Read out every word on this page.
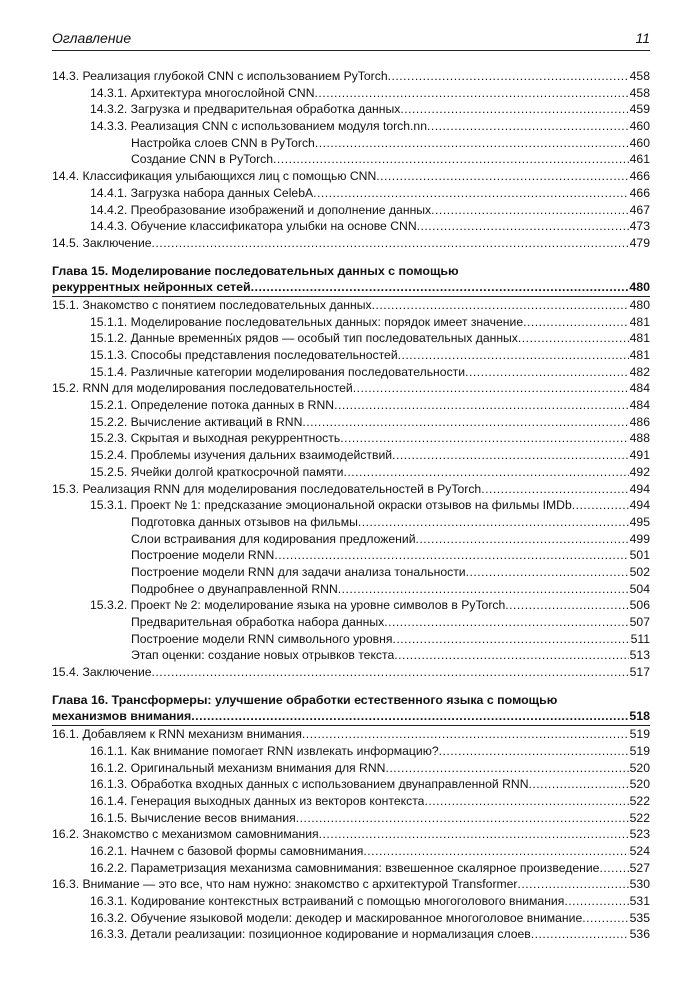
Оглавление	11
14.3. Реализация глубокой CNN с использованием PyTorch .....	458
14.3.1. Архитектура многослойной CNN .....	458
14.3.2. Загрузка и предварительная обработка данных .....	459
14.3.3. Реализация CNN с использованием модуля torch.nn .....	460
Настройка слоев CNN в PyTorch .....	460
Создание CNN в PyTorch .....	461
14.4. Классификация улыбающихся лиц с помощью CNN .....	466
14.4.1. Загрузка набора данных CelebA .....	466
14.4.2. Преобразование изображений и дополнение данных .....	467
14.4.3. Обучение классификатора улыбки на основе CNN .....	473
14.5. Заключение .....	479
Глава 15. Моделирование последовательных данных с помощью
рекуррентных нейронных сетей .....	480
15.1. Знакомство с понятием последовательных данных .....	480
15.1.1. Моделирование последовательных данных: порядок имеет значение .....	481
15.1.2. Данные временны́х рядов — особый тип последовательных данных .....	481
15.1.3. Способы представления последовательностей .....	481
15.1.4. Различные категории моделирования последовательности .....	482
15.2. RNN для моделирования последовательностей .....	484
15.2.1. Определение потока данных в RNN .....	484
15.2.2. Вычисление активаций в RNN .....	486
15.2.3. Скрытая и выходная рекуррентность .....	488
15.2.4. Проблемы изучения дальних взаимодействий .....	491
15.2.5. Ячейки долгой краткосрочной памяти .....	492
15.3. Реализация RNN для моделирования последовательностей в PyTorch .....	494
15.3.1. Проект № 1: предсказание эмоциональной окраски отзывов на фильмы IMDb .....	494
Подготовка данных отзывов на фильмы .....	495
Слои встраивания для кодирования предложений .....	499
Построение модели RNN .....	501
Построение модели RNN для задачи анализа тональности .....	502
Подробнее о двунаправленной RNN .....	504
15.3.2. Проект № 2: моделирование языка на уровне символов в PyTorch .....	506
Предварительная обработка набора данных .....	507
Построение модели RNN символьного уровня .....	511
Этап оценки: создание новых отрывков текста .....	513
15.4. Заключение .....	517
Глава 16. Трансформеры: улучшение обработки естественного языка с помощью
механизмов внимания .....	518
16.1. Добавляем к RNN механизм внимания .....	519
16.1.1. Как внимание помогает RNN извлекать информацию? .....	519
16.1.2. Оригинальный механизм внимания для RNN .....	520
16.1.3. Обработка входных данных с использованием двунаправленной RNN .....	520
16.1.4. Генерация выходных данных из векторов контекста .....	522
16.1.5. Вычисление весов внимания .....	522
16.2. Знакомство с механизмом самовнимания .....	523
16.2.1. Начнем с базовой формы самовнимания .....	524
16.2.2. Параметризация механизма самовнимания: взвешенное скалярное произведение ..... 527
16.3. Внимание — это все, что нам нужно: знакомство с архитектурой Transformer .....	530
16.3.1. Кодирование контекстных встраиваний с помощью многоголового внимания .....	531
16.3.2. Обучение языковой модели: декодер и маскированное многоголовое внимание .....	535
16.3.3. Детали реализации: позиционное кодирование и нормализация слоев .....	536
